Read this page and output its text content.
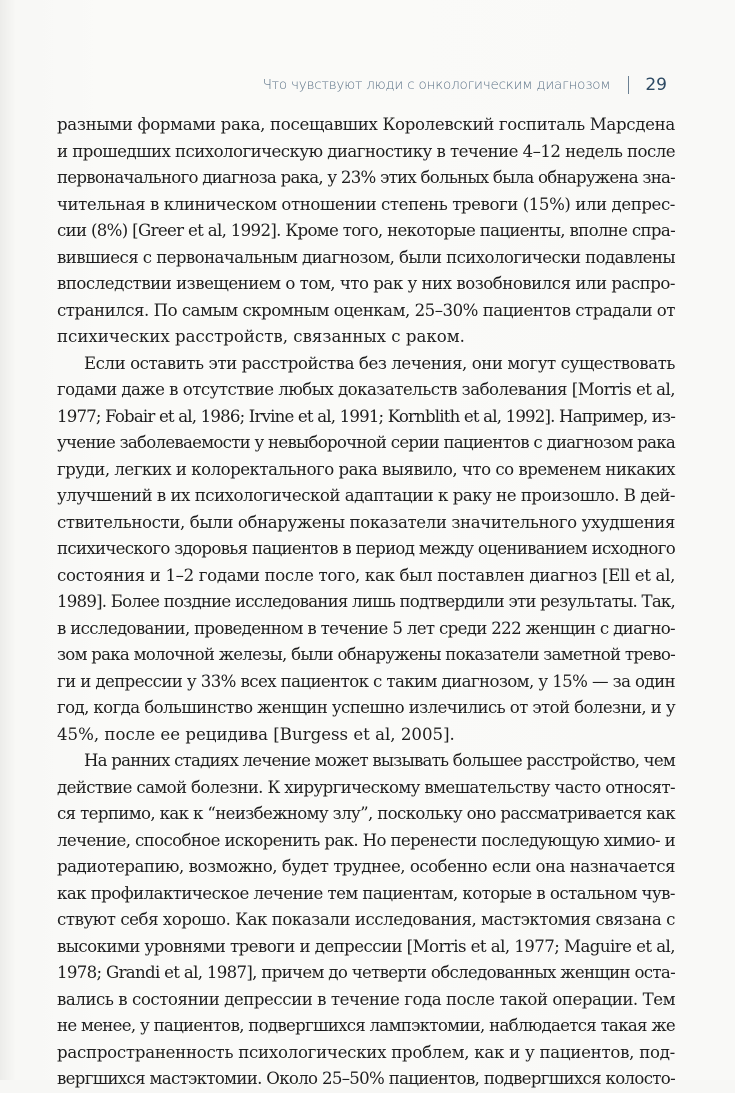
Что чувствуют люди с онкологическим диагнозом 29
разными формами рака, посещавших Королевский госпиталь Марсдена
и прошедших психологическую диагностику в течение 4–12 недель после
первоначального диагноза рака, у 23% этих больных была обнаружена зна-
чительная в клиническом отношении степень тревоги (15%) или депрес-
сии (8%) [Greer et al, 1992]. Кроме того, некоторые пациенты, вполне спра-
вившиеся с первоначальным диагнозом, были психологически подавлены
впоследствии извещением о том, что рак у них возобновился или распро-
странился. По самым скромным оценкам, 25–30% пациентов страдали от
психических расстройств, связанных с раком.
Если оставить эти расстройства без лечения, они могут существовать
годами даже в отсутствие любых доказательств заболевания [Morris et al,
1977; Fobair et al, 1986; Irvine et al, 1991; Kornblith et al, 1992]. Например, из-
учение заболеваемости у невыборочной серии пациентов с диагнозом рака
груди, легких и колоректального рака выявило, что со временем никаких
улучшений в их психологической адаптации к раку не произошло. В дей-
ствительности, были обнаружены показатели значительного ухудшения
психического здоровья пациентов в период между оцениванием исходного
состояния и 1–2 годами после того, как был поставлен диагноз [Ell et al,
1989]. Более поздние исследования лишь подтвердили эти результаты. Так,
в исследовании, проведенном в течение 5 лет среди 222 женщин с диагно-
зом рака молочной железы, были обнаружены показатели заметной трево-
ги и депрессии у 33% всех пациенток с таким диагнозом, у 15% — за один
год, когда большинство женщин успешно излечились от этой болезни, и у
45%, после ее рецидива [Burgess et al, 2005].
На ранних стадиях лечение может вызывать большее расстройство, чем
действие самой болезни. К хирургическому вмешательству часто относят-
ся терпимо, как к “неизбежному злу”, поскольку оно рассматривается как
лечение, способное искоренить рак. Но перенести последующую химио- и
радиотерапию, возможно, будет труднее, особенно если она назначается
как профилактическое лечение тем пациентам, которые в остальном чув-
ствуют себя хорошо. Как показали исследования, мастэктомия связана с
высокими уровнями тревоги и депрессии [Morris et al, 1977; Maguire et al,
1978; Grandi et al, 1987], причем до четверти обследованных женщин оста-
вались в состоянии депрессии в течение года после такой операции. Тем
не менее, у пациентов, подвергшихся лампэктомии, наблюдается такая же
распространенность психологических проблем, как и у пациентов, под-
вергшихся мастэктомии. Около 25–50% пациентов, подвергшихся колосто-
